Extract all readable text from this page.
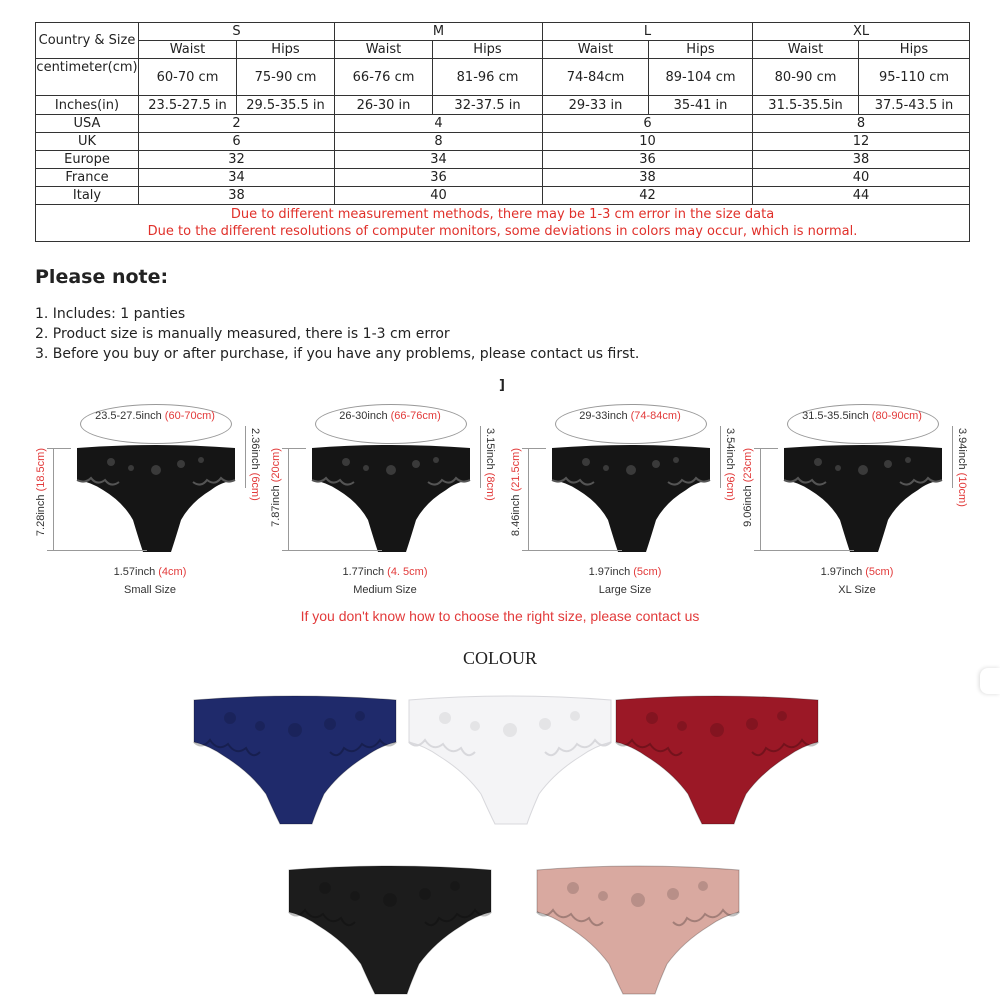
Country & Size	S		M		L		XL	
	Waist	Hips	Waist	Hips	Waist	Hips	Waist	Hips
centimeter(cm)	60-70 cm	75-90 cm	66-76 cm	81-96 cm	74-84cm	89-104 cm	80-90 cm	95-110 cm
Inches(in)	23.5-27.5 in	29.5-35.5 in	26-30 in	32-37.5 in	29-33 in	35-41 in	31.5-35.5in	37.5-43.5 in
USA	2		4		6		8	
UK	6		8		10		12	
Europe	32		34		36		38	
France	34		36		38		40	
Italy	38		40		42		44	

Due to different measurement methods, there may be 1-3 cm error in the size data
Due to the different resolutions of computer monitors, some deviations in colors may occur, which is normal.								
Please note:
1. Includes: 1 panties
2. Product size is manually measured, there is 1-3 cm error
3. Before you buy or after purchase, if you have any problems, please contact us first.
]
23.5-27.5inch (60-70cm)
7.28inch (18.5cm)	2.36inch (6cm)
1.57inch (4cm)
Small Size
26-30inch (66-76cm)
7.87inch (20cm)	3.15inch (8cm)
1.77inch (4. 5cm)
Medium Size
29-33inch (74-84cm)
8.46inch (21.5cm)	3.54inch (9cm)
1.97inch (5cm)
Large Size
31.5-35.5inch (80-90cm)
9.06inch (23cm)	3.94inch (10cm)
1.97inch (5cm)
XL Size
If you don't know how to choose the right size, please contact us
COLOUR
